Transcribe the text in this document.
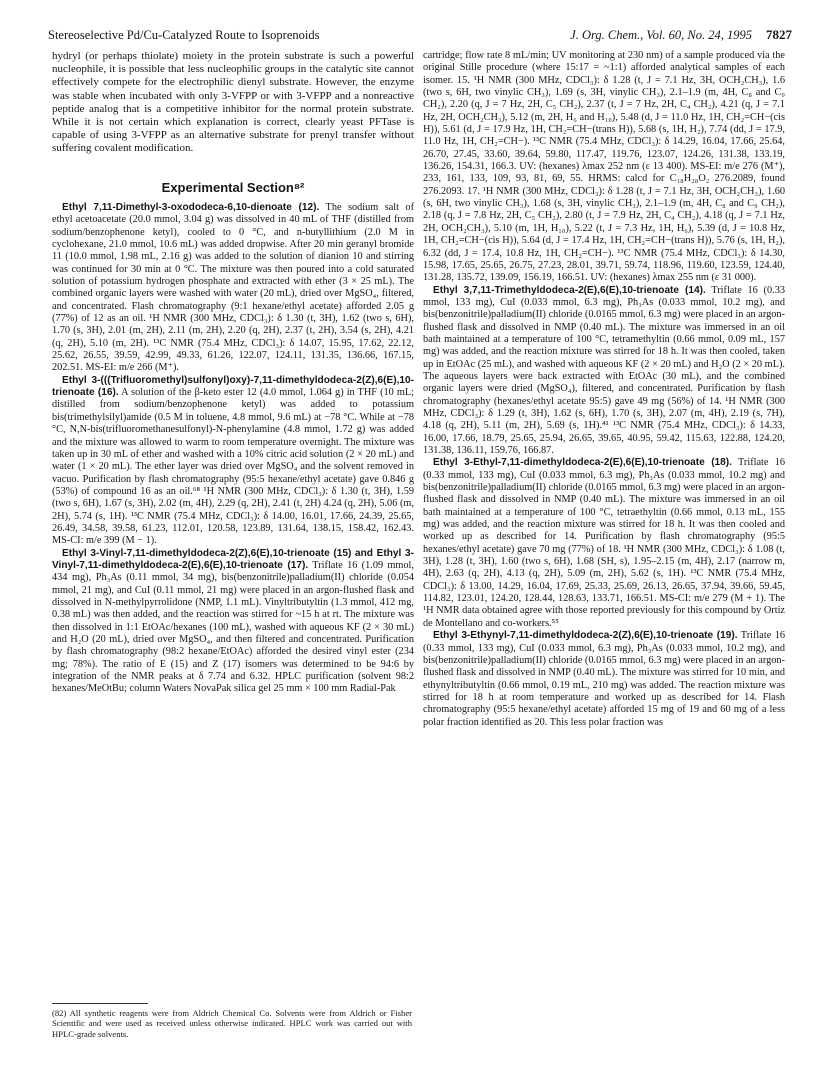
Stereoselective Pd/Cu-Catalyzed Route to Isoprenoids	J. Org. Chem., Vol. 60, No. 24, 1995 7827

hydryl (or perhaps thiolate) moiety in the protein substrate is such a powerful nucleophile, it is possible that less nucleophilic groups in the catalytic site cannot effectively compete for the electrophilic dienyl substrate. However, the enzyme was stable when incubated with only 3-VFPP or with 3-VFPP and a nonreactive peptide analog that is a competitive inhibitor for the normal protein substrate. While it is not certain which explanation is correct, clearly yeast PFTase is capable of using 3-VFPP as an alternative substrate for prenyl transfer without suffering covalent modification.

Experimental Section⁸²

Ethyl 7,11-Dimethyl-3-oxododeca-6,10-dienoate (12). The sodium salt of ethyl acetoacetate (20.0 mmol, 3.04 g) was dissolved in 40 mL of THF (distilled from sodium/benzophenone ketyl), cooled to 0 °C, and n-butyllithium (2.0 M in cyclohexane, 21.0 mmol, 10.6 mL) was added dropwise. After 20 min geranyl bromide 11 (10.0 mmol, 1.98 mL, 2.16 g) was added to the solution of dianion 10 and stirring was continued for 30 min at 0 °C. The mixture was then poured into a cold saturated solution of potassium hydrogen phosphate and extracted with ether (3 × 25 mL). The combined organic layers were washed with water (20 mL), dried over MgSO₄, filtered, and concentrated. Flash chromatography (9:1 hexane/ethyl acetate) afforded 2.05 g (77%) of 12 as an oil. ¹H NMR (300 MHz, CDCl₃): δ 1.30 (t, 3H), 1.62 (two s, 6H), 1.70 (s, 3H), 2.01 (m, 2H), 2.11 (m, 2H), 2.20 (q, 2H), 2.37 (t, 2H), 3.54 (s, 2H), 4.21 (q, 2H), 5.10 (m, 2H). ¹³C NMR (75.4 MHz, CDCl₃): δ 14.07, 15.95, 17.62, 22.12, 25.62, 26.55, 39.59, 42.99, 49.33, 61.26, 122.07, 124.11, 131.35, 136.66, 167.15, 202.51. MS-EI: m/e 266 (M⁺).

Ethyl 3-(((Trifluoromethyl)sulfonyl)oxy)-7,11-dimethyldodeca-2(Z),6(E),10-trienoate (16). A solution of the β-keto ester 12 (4.0 mmol, 1.064 g) in THF (10 mL; distilled from sodium/benzophenone ketyl) was added to potassium bis(trimethylsilyl)amide (0.5 M in toluene, 4.8 mmol, 9.6 mL) at −78 °C. While at −78 °C, N,N-bis(trifluoromethanesulfonyl)-N-phenylamine (4.8 mmol, 1.72 g) was added and the mixture was allowed to warm to room temperature overnight. The mixture was taken up in 30 mL of ether and washed with a 10% citric acid solution (2 × 20 mL) and water (1 × 20 mL). The ether layer was dried over MgSO₄ and the solvent removed in vacuo. Purification by flash chromatography (95:5 hexane/ethyl acetate) gave 0.846 g (53%) of compound 16 as an oil.⁶⁸ ¹H NMR (300 MHz, CDCl₃): δ 1.30 (t, 3H), 1.59 (two s, 6H), 1.67 (s, 3H), 2.02 (m, 4H), 2.29 (q, 2H), 2.41 (t, 2H) 4.24 (q, 2H), 5.06 (m, 2H), 5.74 (s, 1H). ¹³C NMR (75.4 MHz, CDCl₃): δ 14.00, 16.01, 17.66, 24.39, 25.65, 26.49, 34.58, 39.58, 61.23, 112.01, 120.58, 123.89, 131.64, 138.15, 158.42, 162.43. MS-CI: m/e 399 (M − 1).

Ethyl 3-Vinyl-7,11-dimethyldodeca-2(Z),6(E),10-trienoate (15) and Ethyl 3-Vinyl-7,11-dimethyldodeca-2(E),6(E),10-trienoate (17). Triflate 16 (1.09 mmol, 434 mg), Ph₃As (0.11 mmol, 34 mg), bis(benzonitrile)palladium(II) chloride (0.054 mmol, 21 mg), and CuI (0.11 mmol, 21 mg) were placed in an argon-flushed flask and dissolved in N-methylpyrrolidone (NMP, 1.1 mL). Vinyltributyltin (1.3 mmol, 412 mg, 0.38 mL) was then added, and the reaction was stirred for ~15 h at rt. The mixture was then dissolved in 1:1 EtOAc/hexanes (100 mL), washed with aqueous KF (2 × 30 mL) and H₂O (20 mL), dried over MgSO₄, and then filtered and concentrated. Purification by flash chromatography (98:2 hexane/EtOAc) afforded the desired vinyl ester (234 mg; 78%). The ratio of E (15) and Z (17) isomers was determined to be 94:6 by integration of the NMR peaks at δ 7.74 and 6.32. HPLC purification (solvent 98:2 hexanes/MeOtBu; column Waters NovaPak silica gel 25 mm × 100 mm Radial-Pak

cartridge; flow rate 8 mL/min; UV monitoring at 230 nm) of a sample produced via the original Stille procedure (where 15:17 = ~1:1) afforded analytical samples of each isomer. 15. ¹H NMR (300 MHz, CDCl₃): δ 1.28 (t, J = 7.1 Hz, 3H, OCH₂CH₃), 1.6 (two s, 6H, two vinylic CH₃), 1.69 (s, 3H, vinylic CH₃), 2.1–1.9 (m, 4H, C₈ and C₉ CH₂), 2.20 (q, J = 7 Hz, 2H, C₅ CH₂), 2.37 (t, J = 7 Hz, 2H, C₄ CH₂), 4.21 (q, J = 7.1 Hz, 2H, OCH₂CH₃), 5.12 (m, 2H, H₆ and H₁₀), 5.48 (d, J = 11.0 Hz, 1H, CH₂=CH−(cis H)), 5.61 (d, J = 17.9 Hz, 1H, CH₂=CH−(trans H)), 5.68 (s, 1H, H₂), 7.74 (dd, J = 17.9, 11.0 Hz, 1H, CH₂=CH−). ¹³C NMR (75.4 MHz, CDCl₃): δ 14.29, 16.04, 17.66, 25.64, 26.70, 27.45, 33.60, 39.64, 59.80, 117.47, 119.76, 123.07, 124.26, 131.38, 133.19, 136.26, 154.31, 166.3. UV: (hexanes) λmax 252 nm (ε 13 400). MS-EI: m/e 276 (M⁺), 233, 161, 133, 109, 93, 81, 69, 55. HRMS: calcd for C₁₈H₂₈O₂ 276.2089, found 276.2093. 17. ¹H NMR (300 MHz, CDCl₃): δ 1.28 (t, J = 7.1 Hz, 3H, OCH₂CH₃), 1.60 (s, 6H, two vinylic CH₃), 1.68 (s, 3H, vinylic CH₃), 2.1–1.9 (m, 4H, C₈ and C₉ CH₂), 2.18 (q, J = 7.8 Hz, 2H, C₅ CH₂), 2.80 (t, J = 7.9 Hz, 2H, C₄ CH₂), 4.18 (q, J = 7.1 Hz, 2H, OCH₂CH₃), 5.10 (m, 1H, H₁₀), 5.22 (t, J = 7.3 Hz, 1H, H₆), 5.39 (d, J = 10.8 Hz, 1H, CH₂=CH−(cis H)), 5.64 (d, J = 17.4 Hz, 1H, CH₂=CH−(trans H)), 5.76 (s, 1H, H₂), 6.32 (dd, J = 17.4, 10.8 Hz, 1H, CH₂=CH−). ¹³C NMR (75.4 MHz, CDCl₃): δ 14.30, 15.98, 17.65, 25.65, 26.75, 27.23, 28.01, 39.71, 59.74, 118.96, 119.60, 123.59, 124.40, 131.28, 135.72, 139.09, 156.19, 166.51. UV: (hexanes) λmax 255 nm (ε 31 000).

Ethyl 3,7,11-Trimethyldodeca-2(E),6(E),10-trienoate (14). Triflate 16 (0.33 mmol, 133 mg), CuI (0.033 mmol, 6.3 mg), Ph₃As (0.033 mmol, 10.2 mg), and bis(benzonitrile)palladium(II) chloride (0.0165 mmol, 6.3 mg) were placed in an argon-flushed flask and dissolved in NMP (0.40 mL). The mixture was immersed in an oil bath maintained at a temperature of 100 °C, tetramethyltin (0.66 mmol, 0.09 mL, 157 mg) was added, and the reaction mixture was stirred for 18 h. It was then cooled, taken up in EtOAc (25 mL), and washed with aqueous KF (2 × 20 mL) and H₂O (2 × 20 mL). The aqueous layers were back extracted with EtOAc (30 mL), and the combined organic layers were dried (MgSO₄), filtered, and concentrated. Purification by flash chromatography (hexanes/ethyl acetate 95:5) gave 49 mg (56%) of 14. ¹H NMR (300 MHz, CDCl₃): δ 1.29 (t, 3H), 1.62 (s, 6H), 1.70 (s, 3H), 2.07 (m, 4H), 2.19 (s, 7H), 4.18 (q, 2H), 5.11 (m, 2H), 5.69 (s, 1H).⁴¹ ¹³C NMR (75.4 MHz, CDCl₃): δ 14.33, 16.00, 17.66, 18.79, 25.65, 25.94, 26.65, 39.65, 40.95, 59.42, 115.63, 122.88, 124.20, 131.38, 136.11, 159.76, 166.87.

Ethyl 3-Ethyl-7,11-dimethyldodeca-2(E),6(E),10-trienoate (18). Triflate 16 (0.33 mmol, 133 mg), CuI (0.033 mmol, 6.3 mg), Ph₃As (0.033 mmol, 10.2 mg) and bis(benzonitrile)palladium(II) chloride (0.0165 mmol, 6.3 mg) were placed in an argon-flushed flask and dissolved in NMP (0.40 mL). The mixture was immersed in an oil bath maintained at a temperature of 100 °C, tetraethyltin (0.66 mmol, 0.13 mL, 155 mg) was added, and the reaction mixture was stirred for 18 h. It was then cooled and worked up as described for 14. Purification by flash chromatography (95:5 hexanes/ethyl acetate) gave 70 mg (77%) of 18. ¹H NMR (300 MHz, CDCl₃): δ 1.08 (t, 3H), 1.28 (t, 3H), 1.60 (two s, 6H), 1.68 (SH, s), 1.95–2.15 (m, 4H), 2.17 (narrow m, 4H), 2.63 (q, 2H), 4.13 (q, 2H), 5.09 (m, 2H), 5.62 (s, 1H). ¹³C NMR (75.4 MHz, CDCl₃): δ 13.00, 14.29, 16.04, 17.69, 25.33, 25.69, 26.13, 26.65, 37.94, 39.66, 59.45, 114.82, 123.01, 124.20, 128.44, 128.63, 133.71, 166.51. MS-CI: m/e 279 (M + 1). The ¹H NMR data obtained agree with those reported previously for this compound by Ortiz de Montellano and co-workers.⁵⁵

Ethyl 3-Ethynyl-7,11-dimethyldodeca-2(Z),6(E),10-trienoate (19). Triflate 16 (0.33 mmol, 133 mg), CuI (0.033 mmol, 6.3 mg), Ph₃As (0.033 mmol, 10.2 mg), and bis(benzonitrile)palladium(II) chloride (0.0165 mmol, 6.3 mg) were placed in an argon-flushed flask and dissolved in NMP (0.40 mL). The mixture was stirred for 10 min, and ethynyltributyltin (0.66 mmol, 0.19 mL, 210 mg) was added. The reaction mixture was stirred for 18 h at room temperature and worked up as described for 14. Flash chromatography (95:5 hexane/ethyl acetate) afforded 15 mg of 19 and 60 mg of a less polar fraction identified as 20. This less polar fraction was

(82) All synthetic reagents were from Aldrich Chemical Co. Solvents were from Aldrich or Fisher Scientific and were used as received unless otherwise indicated. HPLC work was carried out with HPLC-grade solvents.
